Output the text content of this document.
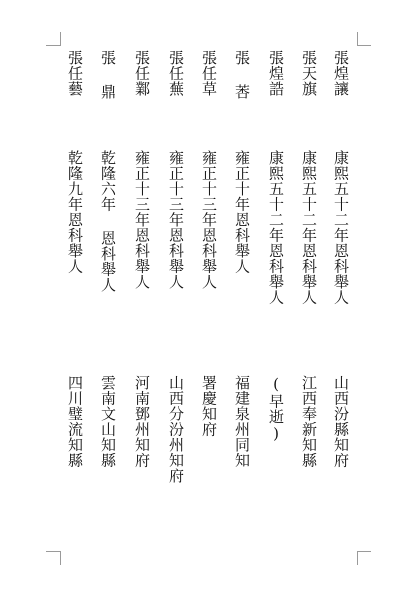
張煌讓
康熙五十二年恩科舉人
山西汾縣知府
張天旗
康熙五十二年恩科舉人
江西奉新知縣
張煌誥
康熙五十二年恩科舉人
(早逝)
張 莕
雍正十年恩科舉人
福建泉州同知
張任草
雍正十三年恩科舉人
署慶知府
張任蕪
雍正十三年恩科舉人
山西分汾州知府
張任鄴
雍正十三年恩科舉人
河南鄧州知府
張 鼎
乾隆六年 恩科舉人
雲南文山知縣
張任藝
乾隆九年恩科舉人
四川璧流知縣
